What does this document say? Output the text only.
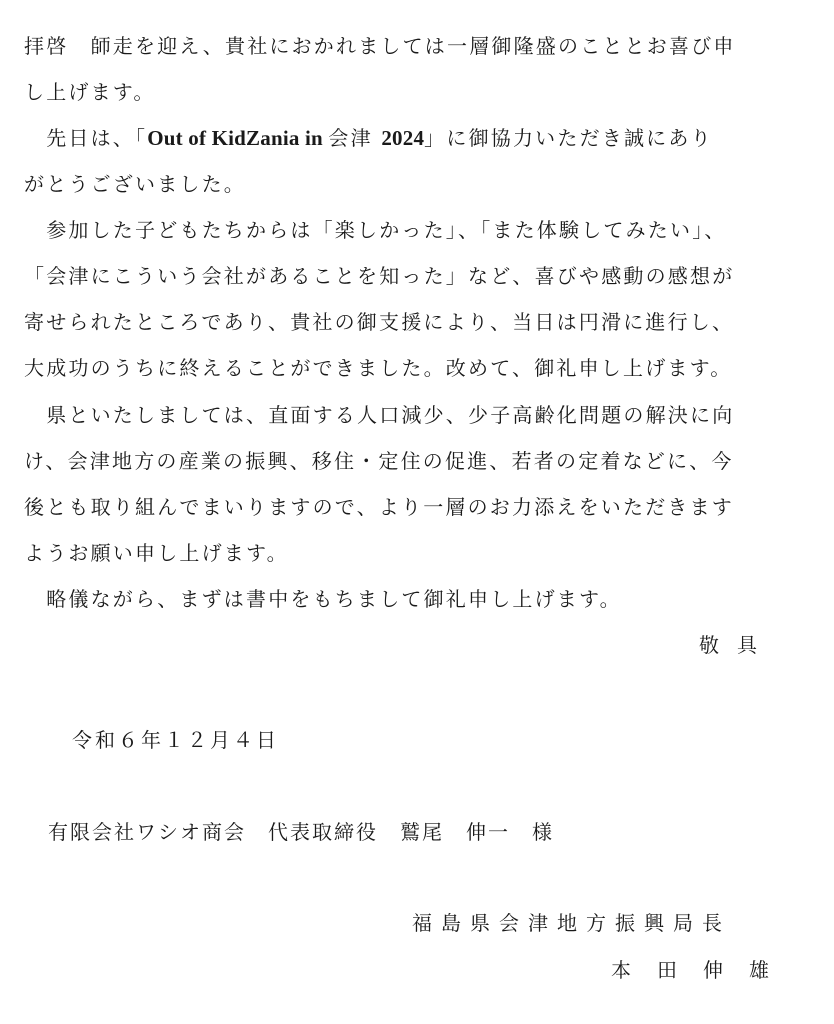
拝啓　師走を迎え、貴社におかれましては一層御隆盛のこととお喜び申
し上げます。
　先日は、「Out of KidZania in 会津 2024」に御協力いただき誠にあり
がとうございました。
　参加した子どもたちからは「楽しかった」、「また体験してみたい」、
「会津にこういう会社があることを知った」など、喜びや感動の感想が
寄せられたところであり、貴社の御支援により、当日は円滑に進行し、
大成功のうちに終えることができました。改めて、御礼申し上げます。
　県といたしましては、直面する人口減少、少子高齢化問題の解決に向
け、会津地方の産業の振興、移住・定住の促進、若者の定着などに、今
後とも取り組んでまいりますので、より一層のお力添えをいただきます
ようお願い申し上げます。
　略儀ながら、まずは書中をもちまして御礼申し上げます。
敬具
令和６年１２月４日
有限会社ワシオ商会　代表取締役　鷲尾　伸一　様
福島県会津地方振興局長
本田伸雄
